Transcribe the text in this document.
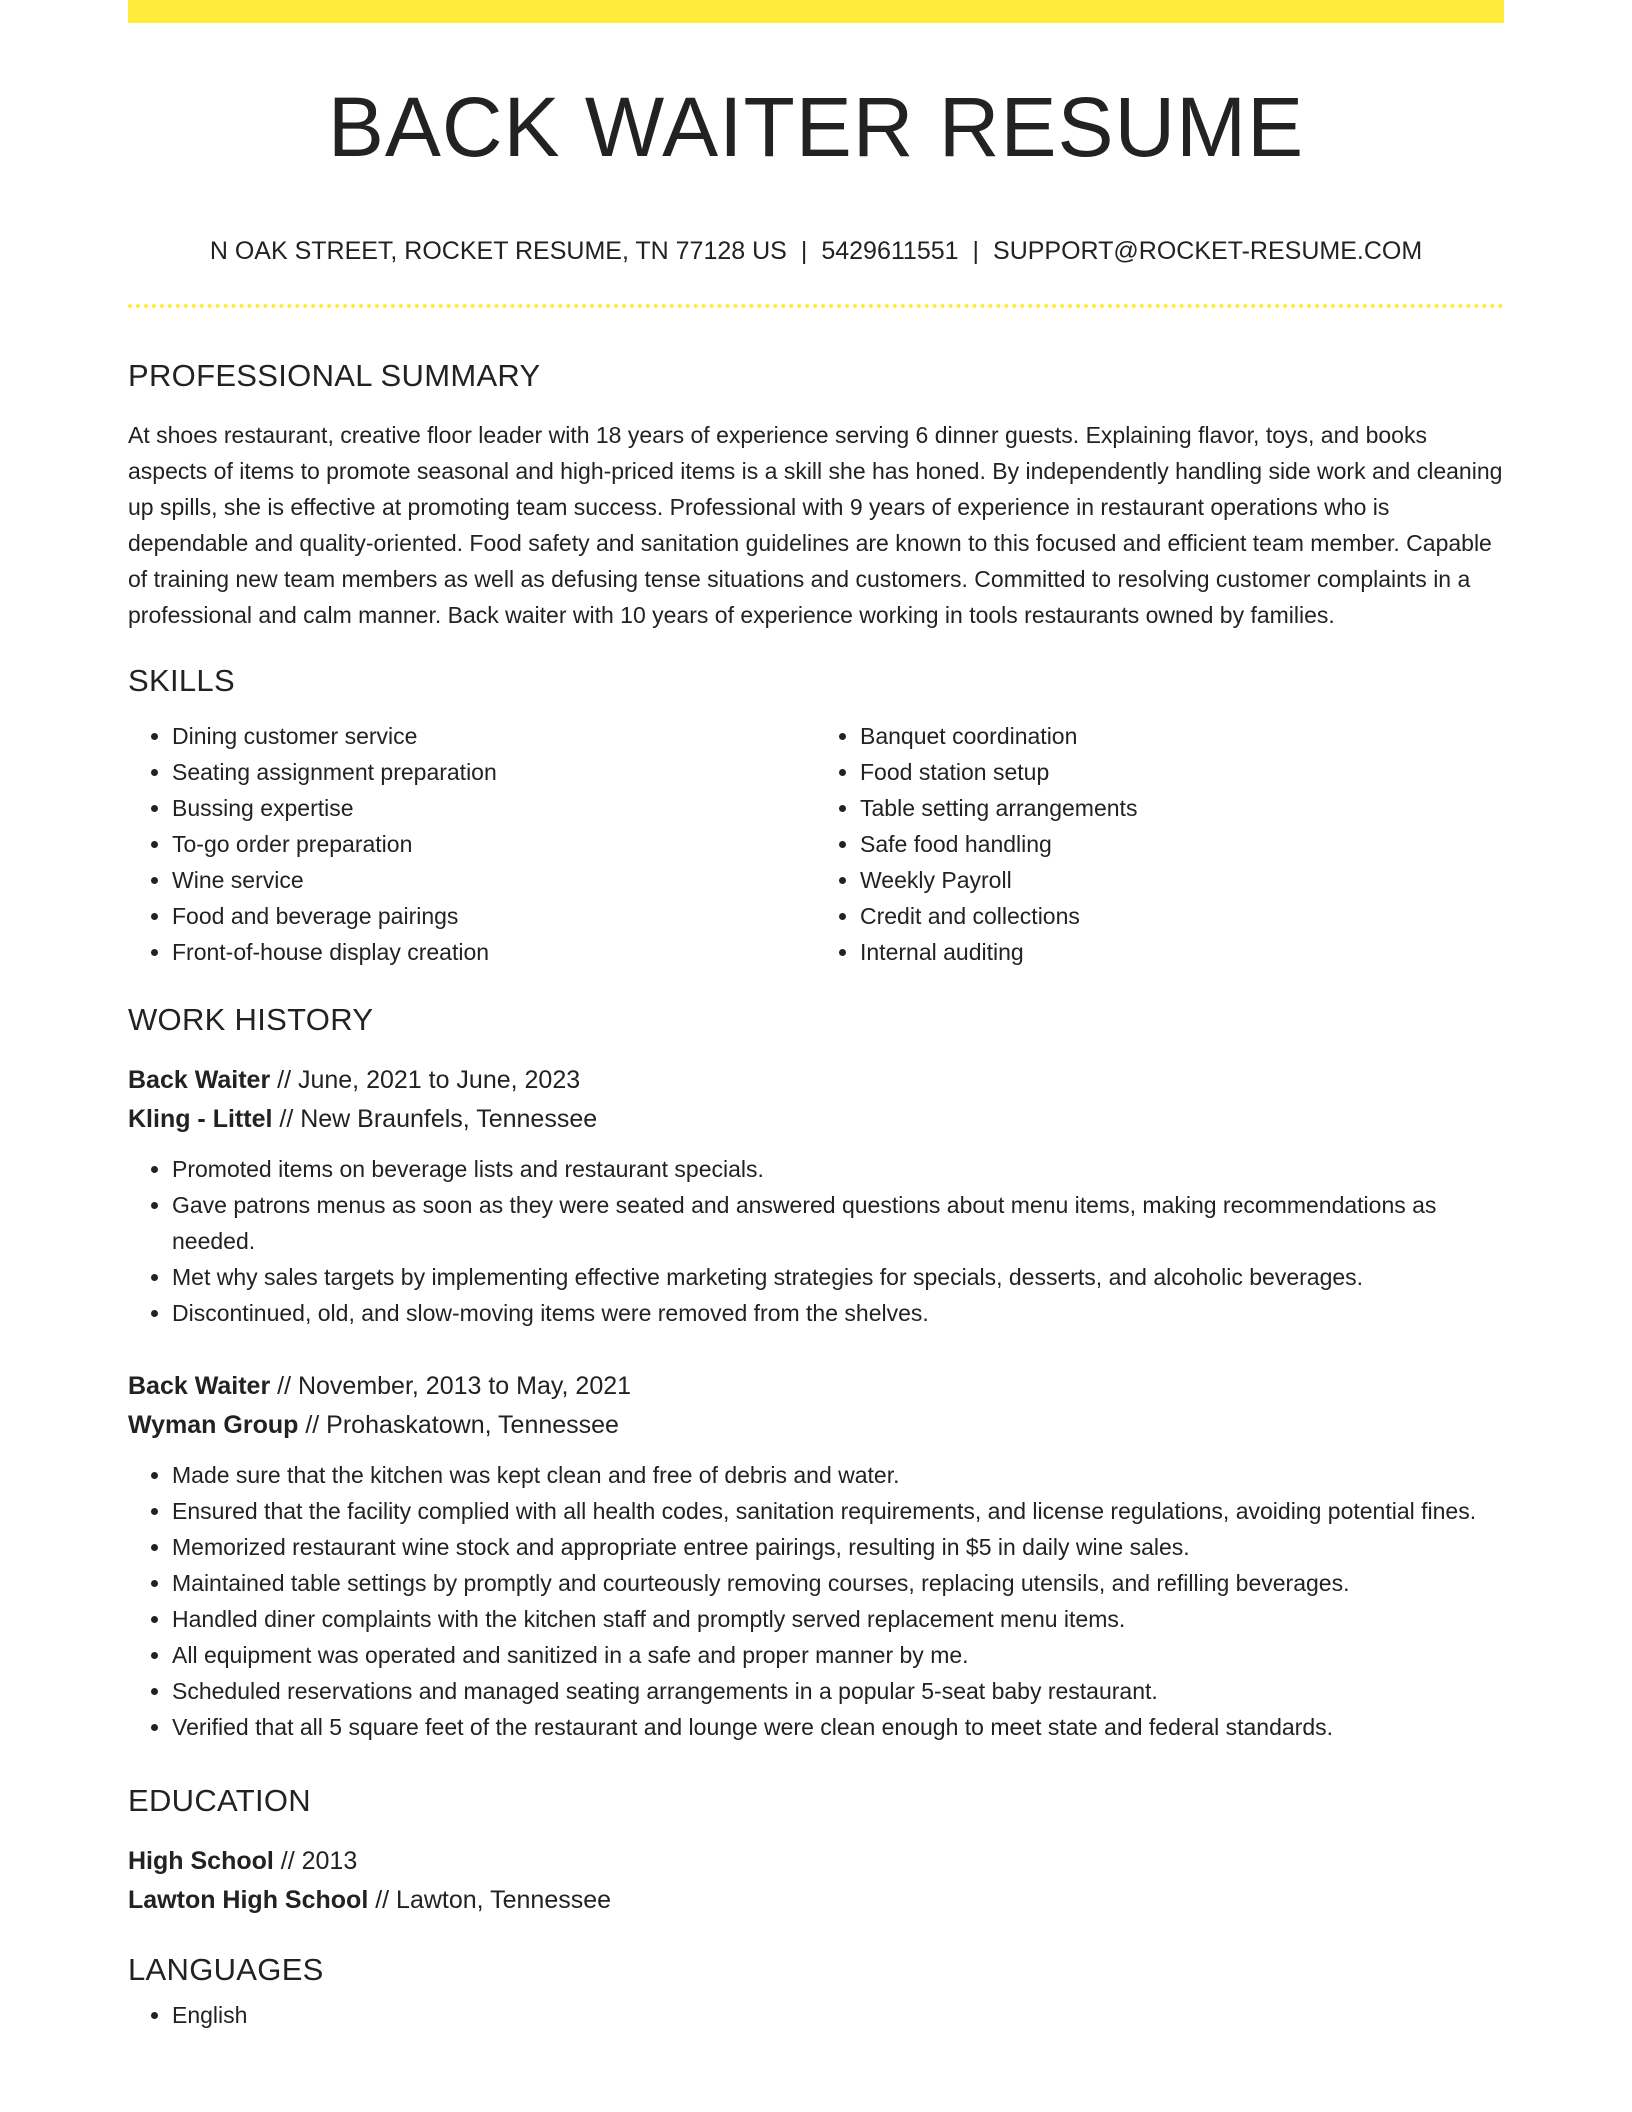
BACK WAITER RESUME
N OAK STREET, ROCKET RESUME, TN 77128 US | 5429611551 | SUPPORT@ROCKET-RESUME.COM
PROFESSIONAL SUMMARY

At shoes restaurant, creative floor leader with 18 years of experience serving 6 dinner guests. Explaining flavor, toys, and books aspects of items to promote seasonal and high-priced items is a skill she has honed. By independently handling side work and cleaning up spills, she is effective at promoting team success. Professional with 9 years of experience in restaurant operations who is dependable and quality-oriented. Food safety and sanitation guidelines are known to this focused and efficient team member. Capable of training new team members as well as defusing tense situations and customers. Committed to resolving customer complaints in a professional and calm manner. Back waiter with 10 years of experience working in tools restaurants owned by families.

SKILLS
• Dining customer service
• Seating assignment preparation
• Bussing expertise
• To-go order preparation
• Wine service
• Food and beverage pairings
• Front-of-house display creation
• Banquet coordination
• Food station setup
• Table setting arrangements
• Safe food handling
• Weekly Payroll
• Credit and collections
• Internal auditing
WORK HISTORY
Back Waiter // June, 2021 to June, 2023
Kling - Littel // New Braunfels, Tennessee
• Promoted items on beverage lists and restaurant specials.
• Gave patrons menus as soon as they were seated and answered questions about menu items, making recommendations as needed.
• Met why sales targets by implementing effective marketing strategies for specials, desserts, and alcoholic beverages.
• Discontinued, old, and slow-moving items were removed from the shelves.
Back Waiter // November, 2013 to May, 2021
Wyman Group // Prohaskatown, Tennessee
• Made sure that the kitchen was kept clean and free of debris and water.
• Ensured that the facility complied with all health codes, sanitation requirements, and license regulations, avoiding potential fines.
• Memorized restaurant wine stock and appropriate entree pairings, resulting in $5 in daily wine sales.
• Maintained table settings by promptly and courteously removing courses, replacing utensils, and refilling beverages.
• Handled diner complaints with the kitchen staff and promptly served replacement menu items.
• All equipment was operated and sanitized in a safe and proper manner by me.
• Scheduled reservations and managed seating arrangements in a popular 5-seat baby restaurant.
• Verified that all 5 square feet of the restaurant and lounge were clean enough to meet state and federal standards.
EDUCATION
High School // 2013
Lawton High School // Lawton, Tennessee
LANGUAGES
• English
